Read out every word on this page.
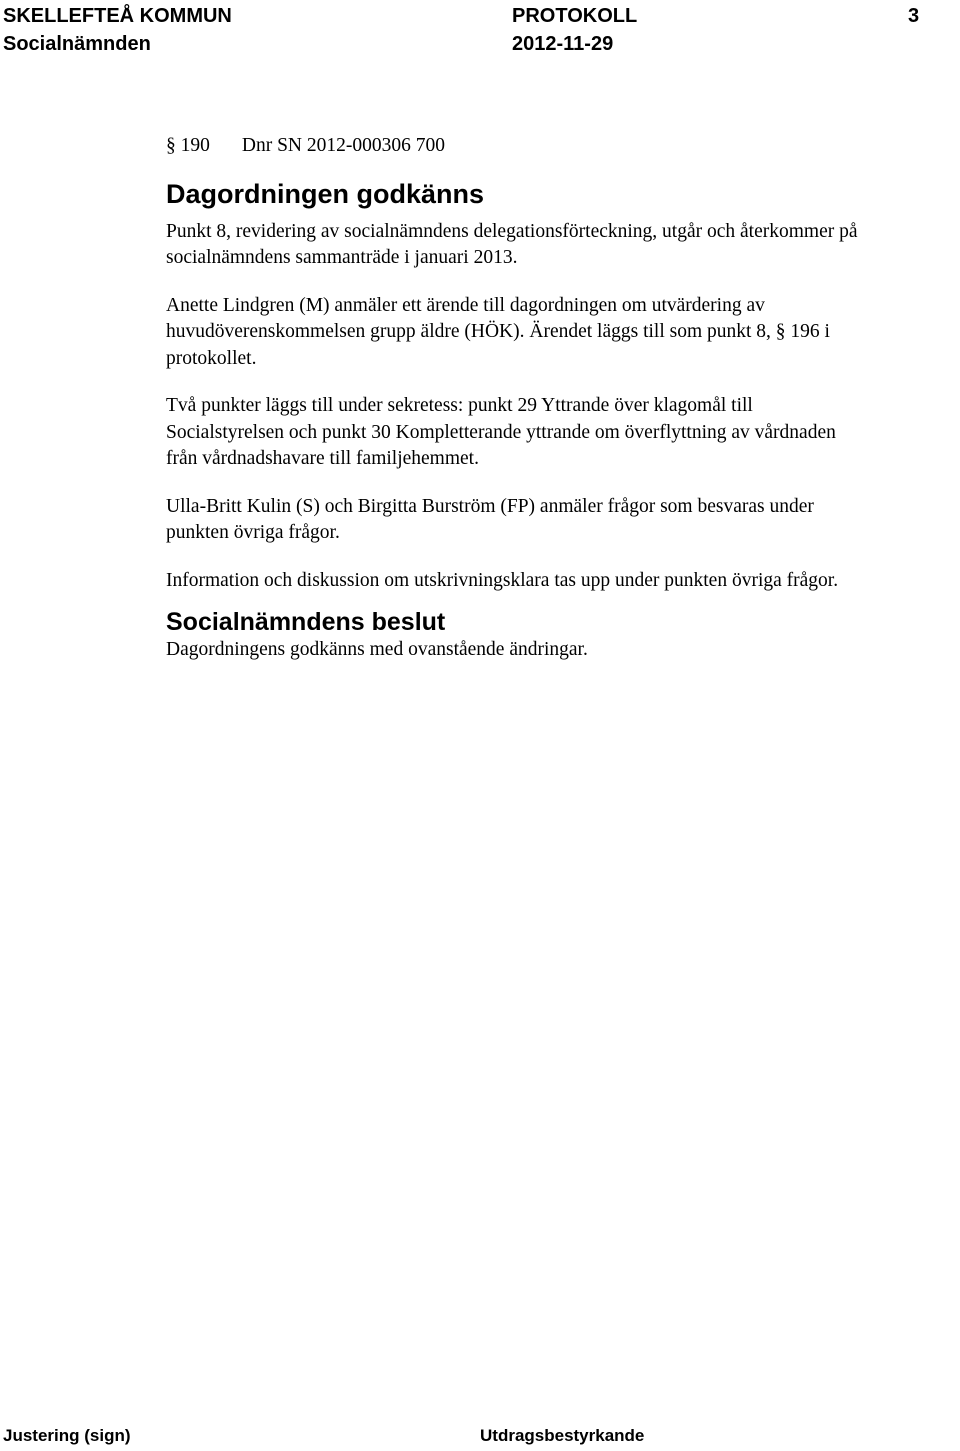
SKELLEFTEÅ KOMMUN
Socialnämnden
PROTOKOLL
2012-11-29
3
§ 190 Dnr SN 2012-000306 700
Dagordningen godkänns

Punkt 8, revidering av socialnämndens delegationsförteckning, utgår och återkommer på socialnämndens sammanträde i januari 2013.

Anette Lindgren (M) anmäler ett ärende till dagordningen om utvärdering av huvudöverenskommelsen grupp äldre (HÖK). Ärendet läggs till som punkt 8, § 196 i protokollet.

Två punkter läggs till under sekretess: punkt 29 Yttrande över klagomål till Socialstyrelsen och punkt 30 Kompletterande yttrande om överflyttning av vårdnaden från vårdnadshavare till familjehemmet.

Ulla-Britt Kulin (S) och Birgitta Burström (FP) anmäler frågor som besvaras under punkten övriga frågor.

Information och diskussion om utskrivningsklara tas upp under punkten övriga frågor.

Socialnämndens beslut

Dagordningens godkänns med ovanstående ändringar.

Justering (sign)	Utdragsbestyrkande
